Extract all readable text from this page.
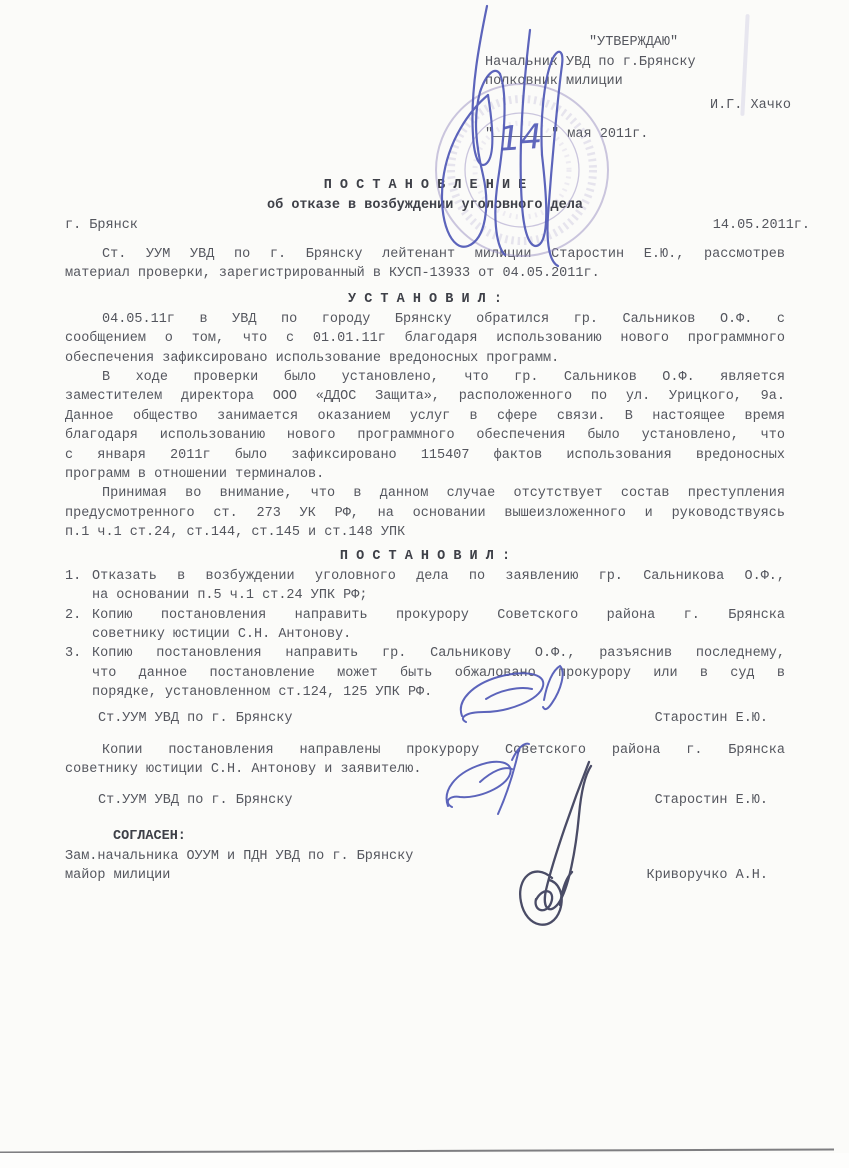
"УТВЕРЖДАЮ"
Начальник УВД по г.Брянску
полковник милиции
И.Г. Хачко
"	" мая 2011г.
П О С Т А Н О В Л Е Н И Е
об отказе в возбуждении уголовного дела
г. Брянск	14.05.2011г.
Ст. УУМ УВД по г. Брянску лейтенант милиции Старостин Е.Ю., рассмотрев
материал проверки, зарегистрированный в КУСП-13933 от 04.05.2011г.
У С Т А Н О В И Л :
04.05.11г в УВД по городу Брянску обратился гр. Сальников О.Ф. с
сообщением о том, что с 01.01.11г благодаря использованию нового программного
обеспечения зафиксировано использование вредоносных программ.
В ходе проверки было установлено, что гр. Сальников О.Ф. является
заместителем директора ООО «ДДОС Защита», расположенного по ул. Урицкого, 9а.
Данное общество занимается оказанием услуг в сфере связи. В настоящее время
благодаря использованию нового программного обеспечения было установлено, что
с января 2011г было зафиксировано 115407 фактов использования вредоносных
программ в отношении терминалов.
Принимая во внимание, что в данном случае отсутствует состав преступления
предусмотренного ст. 273 УК РФ, на основании вышеизложенного и руководствуясь
п.1 ч.1 ст.24, ст.144, ст.145 и ст.148 УПК
П О С Т А Н О В И Л :
1. Отказать в возбуждении уголовного дела по заявлению гр. Сальникова О.Ф.,
на основании п.5 ч.1 ст.24 УПК РФ;
2. Копию постановления направить прокурору Советского района г. Брянска
советнику юстиции С.Н. Антонову.
3. Копию постановления направить гр. Сальникову О.Ф., разъяснив последнему,
что данное постановление может быть обжаловано прокурору или в суд в
порядке, установленном ст.124, 125 УПК РФ.
Ст.УУМ УВД по г. Брянску	Старостин Е.Ю.
Копии постановления направлены прокурору Советского района г. Брянска
советнику юстиции С.Н. Антонову и заявителю.
Ст.УУМ УВД по г. Брянску	Старостин Е.Ю.
СОГЛАСЕН:
Зам.начальника ОУУМ и ПДН УВД по г. Брянску
майор милиции	Криворучко А.Н.
14
